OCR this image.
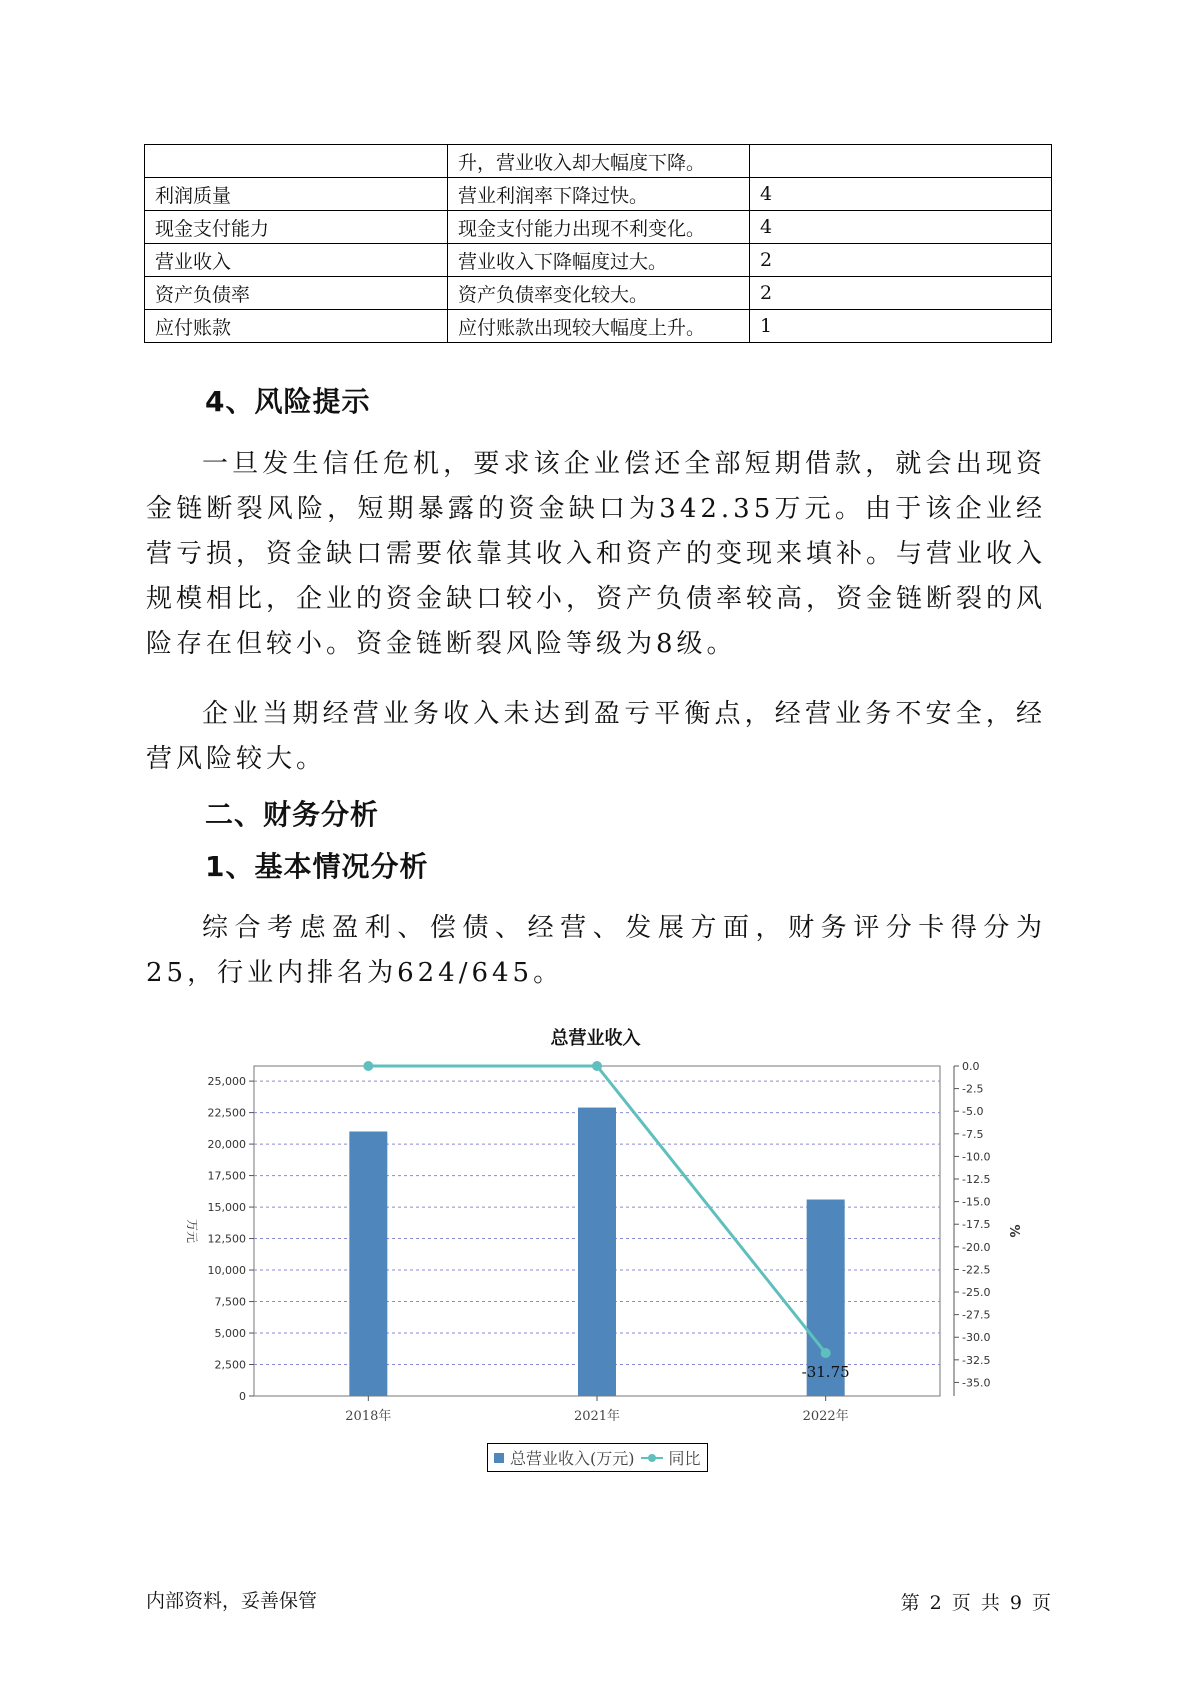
	升，营业收入却大幅度下降。	
利润质量	营业利润率下降过快。	4
现金支付能力	现金支付能力出现不利变化。	4
营业收入	营业收入下降幅度过大。	2
资产负债率	资产负债率变化较大。	2
应付账款	应付账款出现较大幅度上升。	1
4、风险提示

一旦发生信任危机，要求该企业偿还全部短期借款，就会出现资金链断裂风险，短期暴露的资金缺口为342.35万元。由于该企业经营亏损，资金缺口需要依靠其收入和资产的变现来填补。与营业收入规模相比，企业的资金缺口较小，资产负债率较高，资金链断裂的风险存在但较小。资金链断裂风险等级为8级。

企业当期经营业务收入未达到盈亏平衡点，经营业务不安全，经营风险较大。

二、财务分析
1、基本情况分析

综合考虑盈利、偿债、经营、发展方面，财务评分卡得分为25，行业内排名为624/645。

总营业收入
0
2,500
5,000
7,500
10,000
12,500
15,000
17,500
20,000
22,500
25,000
0.0
-2.5
-5.0
-7.5
-10.0
-12.5
-15.0
-17.5
-20.0
-22.5
-25.0
-27.5
-30.0
-32.5
-35.0
万元	%
2018年	2021年	2022年
-31.75
总营业收入(万元) 同比
内部资料，妥善保管	第 2 页 共 9 页
